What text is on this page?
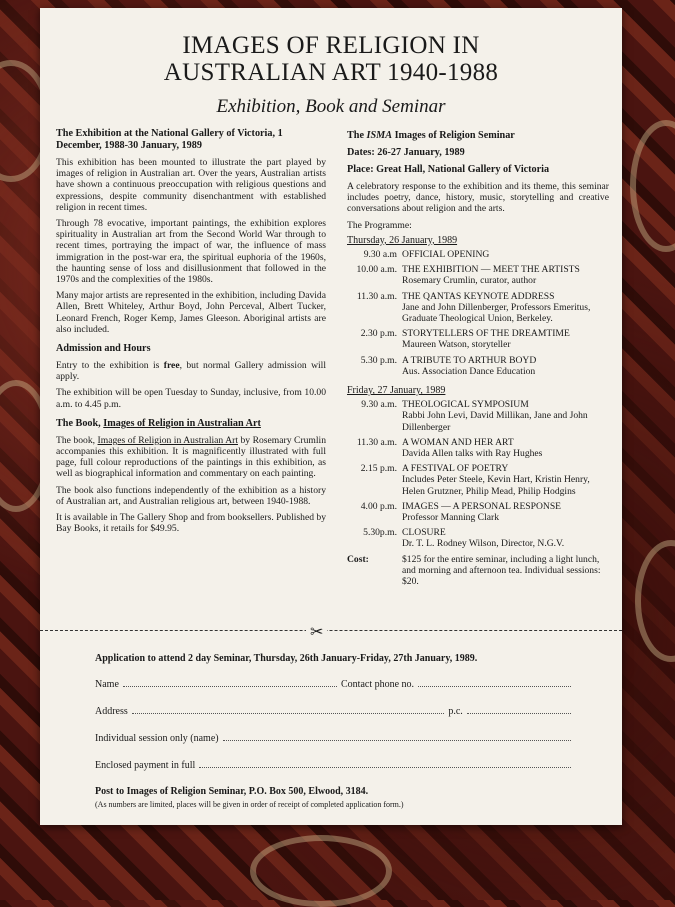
IMAGES OF RELIGION IN
AUSTRALIAN ART 1940-1988
Exhibition, Book and Seminar
The Exhibition at the National Gallery of Victoria, 1 December, 1988-30 January, 1989

This exhibition has been mounted to illustrate the part played by images of religion in Australian art. Over the years, Australian artists have shown a continuous preoccupation with religious questions and expressions, despite community disenchantment with established religion in recent times.

Through 78 evocative, important paintings, the exhibition explores spirituality in Australian art from the Second World War through to recent times, portraying the impact of war, the influence of mass immigration in the post-war era, the spiritual euphoria of the 1960s, the haunting sense of loss and disillusionment that followed in the 1970s and the complexities of the 1980s.

Many major artists are represented in the exhibition, including Davida Allen, Brett Whiteley, Arthur Boyd, John Perceval, Albert Tucker, Leonard French, Roger Kemp, James Gleeson. Aboriginal artists are also included.

Admission and Hours

Entry to the exhibition is free, but normal Gallery admission will apply.

The exhibition will be open Tuesday to Sunday, inclusive, from 10.00 a.m. to 4.45 p.m.

The Book, Images of Religion in Australian Art

The book, Images of Religion in Australian Art by Rosemary Crumlin accompanies this exhibition. It is magnificently illustrated with full page, full colour reproductions of the paintings in this exhibition, as well as biographical information and commentary on each painting.

The book also functions independently of the exhibition as a history of Australian art, and Australian religious art, between 1940-1988.

It is available in The Gallery Shop and from booksellers. Published by Bay Books, it retails for $49.95.

The ISMA Images of Religion Seminar
Dates: 26-27 January, 1989
Place: Great Hall, National Gallery of Victoria

A celebratory response to the exhibition and its theme, this seminar includes poetry, dance, history, music, storytelling and creative conversations about religion and the arts.

The Programme:

Thursday, 26 January, 1989
9.30 a.m OFFICIAL OPENING
10.00 a.m. THE EXHIBITION — MEET THE ARTISTS
Rosemary Crumlin, curator, author
11.30 a.m. THE QANTAS KEYNOTE ADDRESS
Jane and John Dillenberger, Professors Emeritus, Graduate Theological Union, Berkeley.
2.30 p.m. STORYTELLERS OF THE DREAMTIME
Maureen Watson, storyteller
5.30 p.m. A TRIBUTE TO ARTHUR BOYD
Aus. Association Dance Education
Friday, 27 January, 1989
9.30 a.m. THEOLOGICAL SYMPOSIUM
Rabbi John Levi, David Millikan, Jane and John Dillenberger
11.30 a.m. A WOMAN AND HER ART
Davida Allen talks with Ray Hughes
2.15 p.m. A FESTIVAL OF POETRY
Includes Peter Steele, Kevin Hart, Kristin Henry, Helen Grutzner, Philip Mead, Philip Hodgins
4.00 p.m. IMAGES — A PERSONAL RESPONSE
Professor Manning Clark
5.30p.m. CLOSURE
Dr. T. L. Rodney Wilson, Director, N.G.V.
Cost:	$125 for the entire seminar, including a light lunch, and morning and afternoon tea. Individual sessions: $20.
✂
Application to attend 2 day Seminar, Thursday, 26th January-Friday, 27th January, 1989.
Name	Contact phone no.
Address	p.c.
Individual session only (name)
Enclosed payment in full
Post to Images of Religion Seminar, P.O. Box 500, Elwood, 3184.
(As numbers are limited, places will be given in order of receipt of completed application form.)
